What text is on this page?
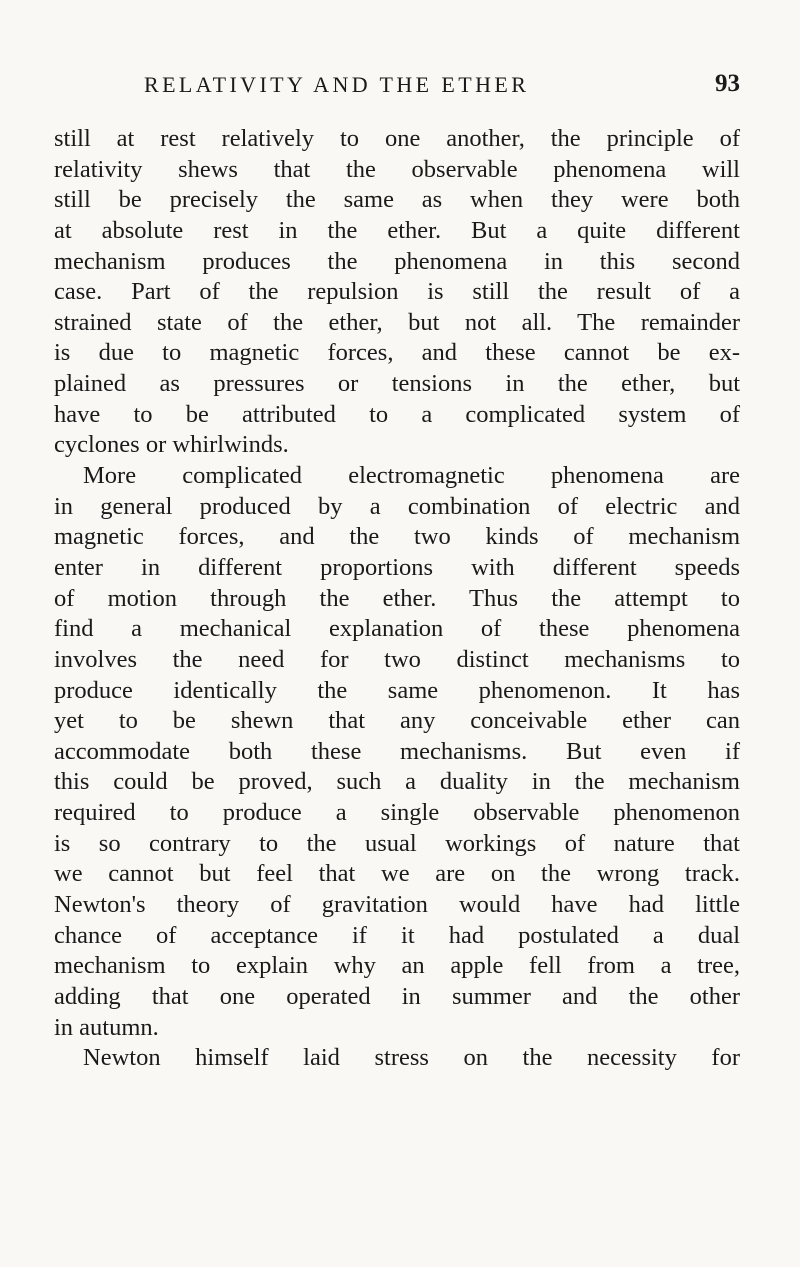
RELATIVITY AND THE ETHER	93
still at rest relatively to one another, the principle of
relativity shews that the observable phenomena will
still be precisely the same as when they were both
at absolute rest in the ether. But a quite different
mechanism produces the phenomena in this second
case. Part of the repulsion is still the result of a
strained state of the ether, but not all. The remainder
is due to magnetic forces, and these cannot be ex-
plained as pressures or tensions in the ether, but
have to be attributed to a complicated system of
cyclones or whirlwinds.
More complicated electromagnetic phenomena are
in general produced by a combination of electric and
magnetic forces, and the two kinds of mechanism
enter in different proportions with different speeds
of motion through the ether. Thus the attempt to
find a mechanical explanation of these phenomena
involves the need for two distinct mechanisms to
produce identically the same phenomenon. It has
yet to be shewn that any conceivable ether can
accommodate both these mechanisms. But even if
this could be proved, such a duality in the mechanism
required to produce a single observable phenomenon
is so contrary to the usual workings of nature that
we cannot but feel that we are on the wrong track.
Newton's theory of gravitation would have had little
chance of acceptance if it had postulated a dual
mechanism to explain why an apple fell from a tree,
adding that one operated in summer and the other
in autumn.
Newton himself laid stress on the necessity for
